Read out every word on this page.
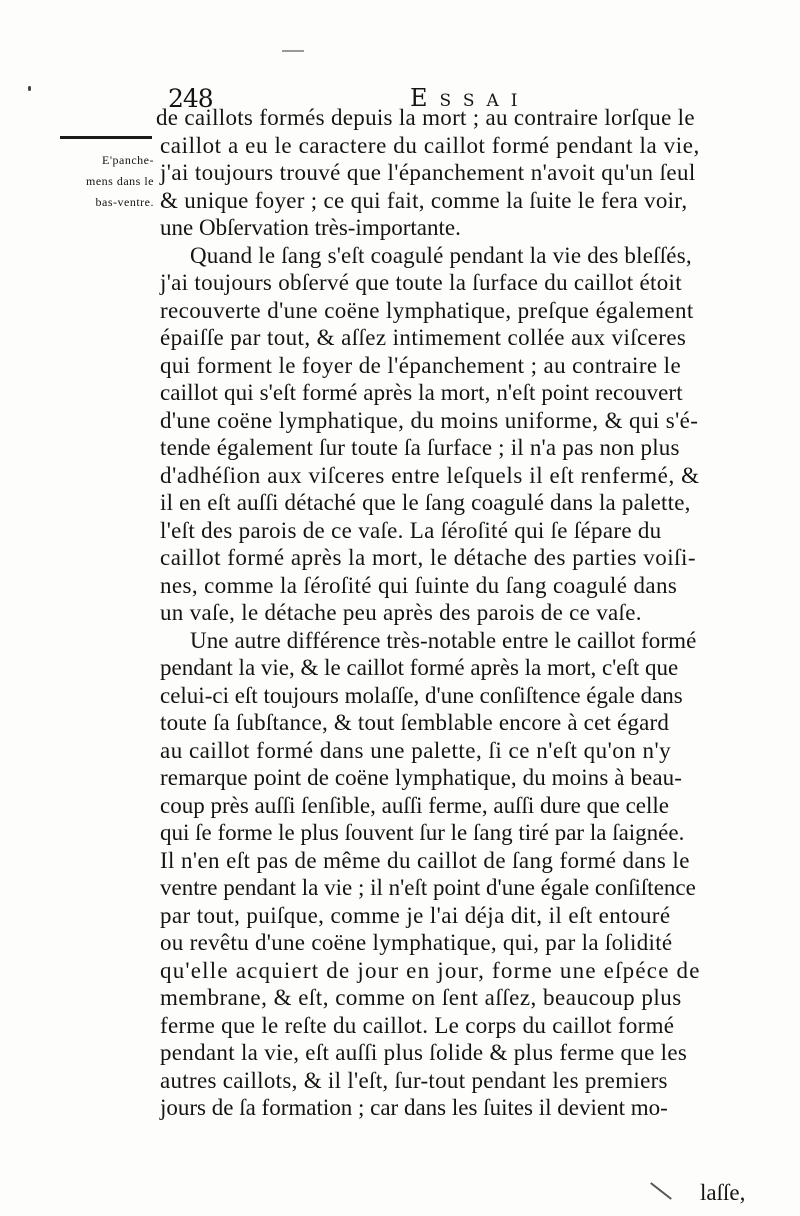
248	Essai
E'panche-
mens dans le
bas-ventre.
de caillots formés depuis la mort ; au contraire lorſque le
caillot a eu le caractere du caillot formé pendant la vie,
j'ai toujours trouvé que l'épanchement n'avoit qu'un ſeul
& unique foyer ; ce qui fait, comme la ſuite le fera voir,
une Obſervation très-importante.
Quand le ſang s'eſt coagulé pendant la vie des bleſſés,
j'ai toujours obſervé que toute la ſurface du caillot étoit
recouverte d'une coëne lymphatique, preſque également
épaiſſe par tout, & aſſez intimement collée aux viſceres
qui forment le foyer de l'épanchement ; au contraire le
caillot qui s'eſt formé après la mort, n'eſt point recouvert
d'une coëne lymphatique, du moins uniforme, & qui s'é-
tende également ſur toute ſa ſurface ; il n'a pas non plus
d'adhéſion aux viſceres entre leſquels il eſt renfermé, &
il en eſt auſſi détaché que le ſang coagulé dans la palette,
l'eſt des parois de ce vaſe. La ſéroſité qui ſe ſépare du
caillot formé après la mort, le détache des parties voiſi-
nes, comme la ſéroſité qui ſuinte du ſang coagulé dans
un vaſe, le détache peu après des parois de ce vaſe.
Une autre différence très-notable entre le caillot formé
pendant la vie, & le caillot formé après la mort, c'eſt que
celui-ci eſt toujours molaſſe, d'une conſiſtence égale dans
toute ſa ſubſtance, & tout ſemblable encore à cet égard
au caillot formé dans une palette, ſi ce n'eſt qu'on n'y
remarque point de coëne lymphatique, du moins à beau-
coup près auſſi ſenſible, auſſi ferme, auſſi dure que celle
qui ſe forme le plus ſouvent ſur le ſang tiré par la ſaignée.
Il n'en eſt pas de même du caillot de ſang formé dans le
ventre pendant la vie ; il n'eſt point d'une égale conſiſtence
par tout, puiſque, comme je l'ai déja dit, il eſt entouré
ou revêtu d'une coëne lymphatique, qui, par la ſolidité
qu'elle acquiert de jour en jour, forme une eſpéce de
membrane, & eſt, comme on ſent aſſez, beaucoup plus
ferme que le reſte du caillot. Le corps du caillot formé
pendant la vie, eſt auſſi plus ſolide & plus ferme que les
autres caillots, & il l'eſt, ſur-tout pendant les premiers
jours de ſa formation ; car dans les ſuites il devient mo-
laſſe,
